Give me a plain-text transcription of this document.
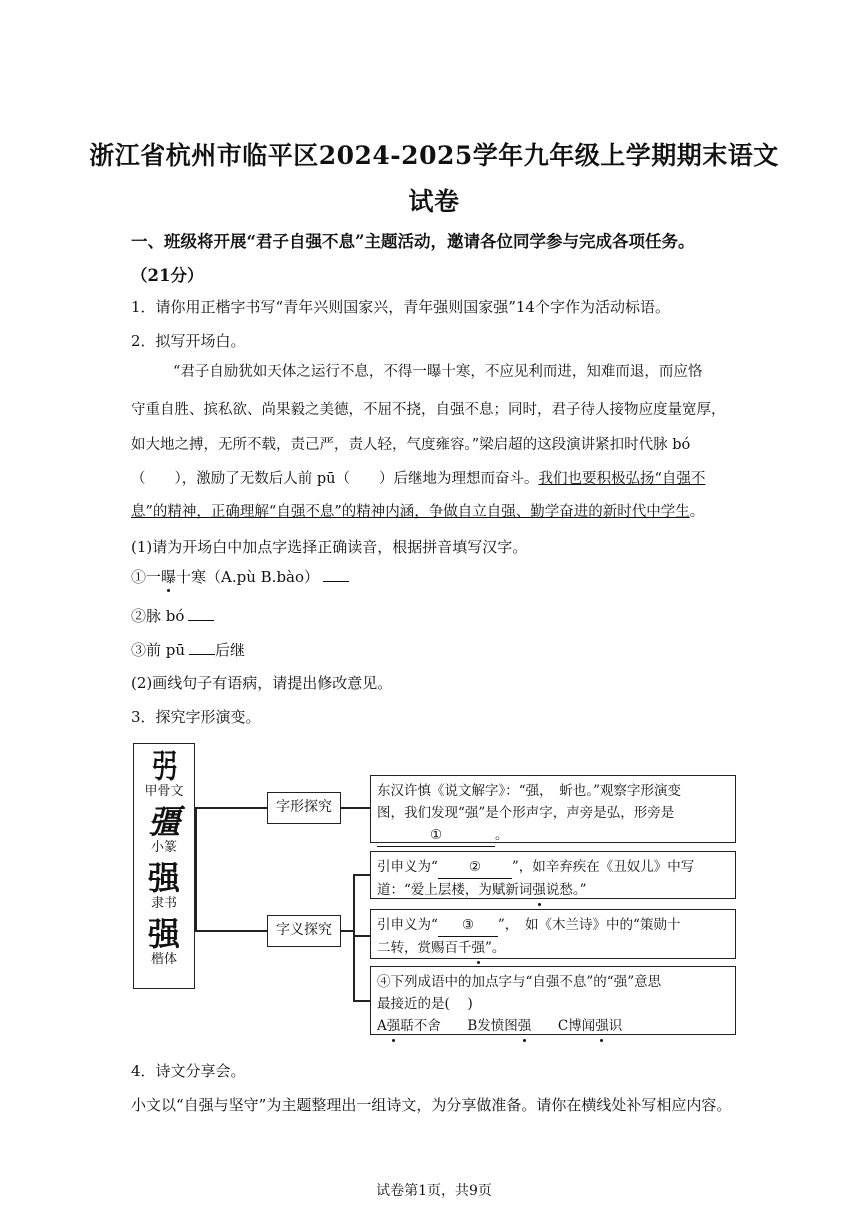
浙江省杭州市临平区2024-2025学年九年级上学期期末语文
试卷
一、班级将开展“君子自强不息”主题活动，邀请各位同学参与完成各项任务。
（21分）
1．请你用正楷字书写“青年兴则国家兴，青年强则国家强”14个字作为活动标语。
2．拟写开场白。
“君子自励犹如天体之运行不息，不得一曝十寒，不应见利而进，知难而退，而应恪
守重自胜、摈私欲、尚果毅之美德，不屈不挠，自强不息；同时，君子待人接物应度量宽厚，
如大地之搏，无所不载，责己严，责人轻，气度雍容。”梁启超的这段演讲紧扣时代脉 bó
（　　），激励了无数后人前 pū（　　）后继地为理想而奋斗。我们也要积极弘扬“自强不
息”的精神，正确理解“自强不息”的精神内涵，争做自立自强、勤学奋进的新时代中学生。
(1)请为开场白中加点字选择正确读音，根据拼音填写汉字。
①一曝十寒（A.pù B.bào）
②脉 bó
③前 pū 后继
(2)画线句子有语病，请提出修改意见。
3．探究字形演变。
弜
甲骨文
彊
小篆
强
隶书
强
楷体
字形探究
字义探究
东汉许慎《说文解字》：“强，　蚚也。”观察字形演变
图，我们发现“强”是个形声字，声旁是弘，形旁是
①	。
引申义为“ ② ”，如辛弃疾在《丑奴儿》中写
道：“爱上层楼，为赋新词强说愁。”
引申义为“ ③ ”，　如《木兰诗》中的“策勋十
二转，赏赐百千强”。
④下列成语中的加点字与“自强不息”的“强”意思
最接近的是(　 )
A强聒不舍 B发愤图强 C博闻强识
4．诗文分享会。
小文以“自强与坚守”为主题整理出一组诗文，为分享做准备。请你在横线处补写相应内容。
试卷第1页，共9页
